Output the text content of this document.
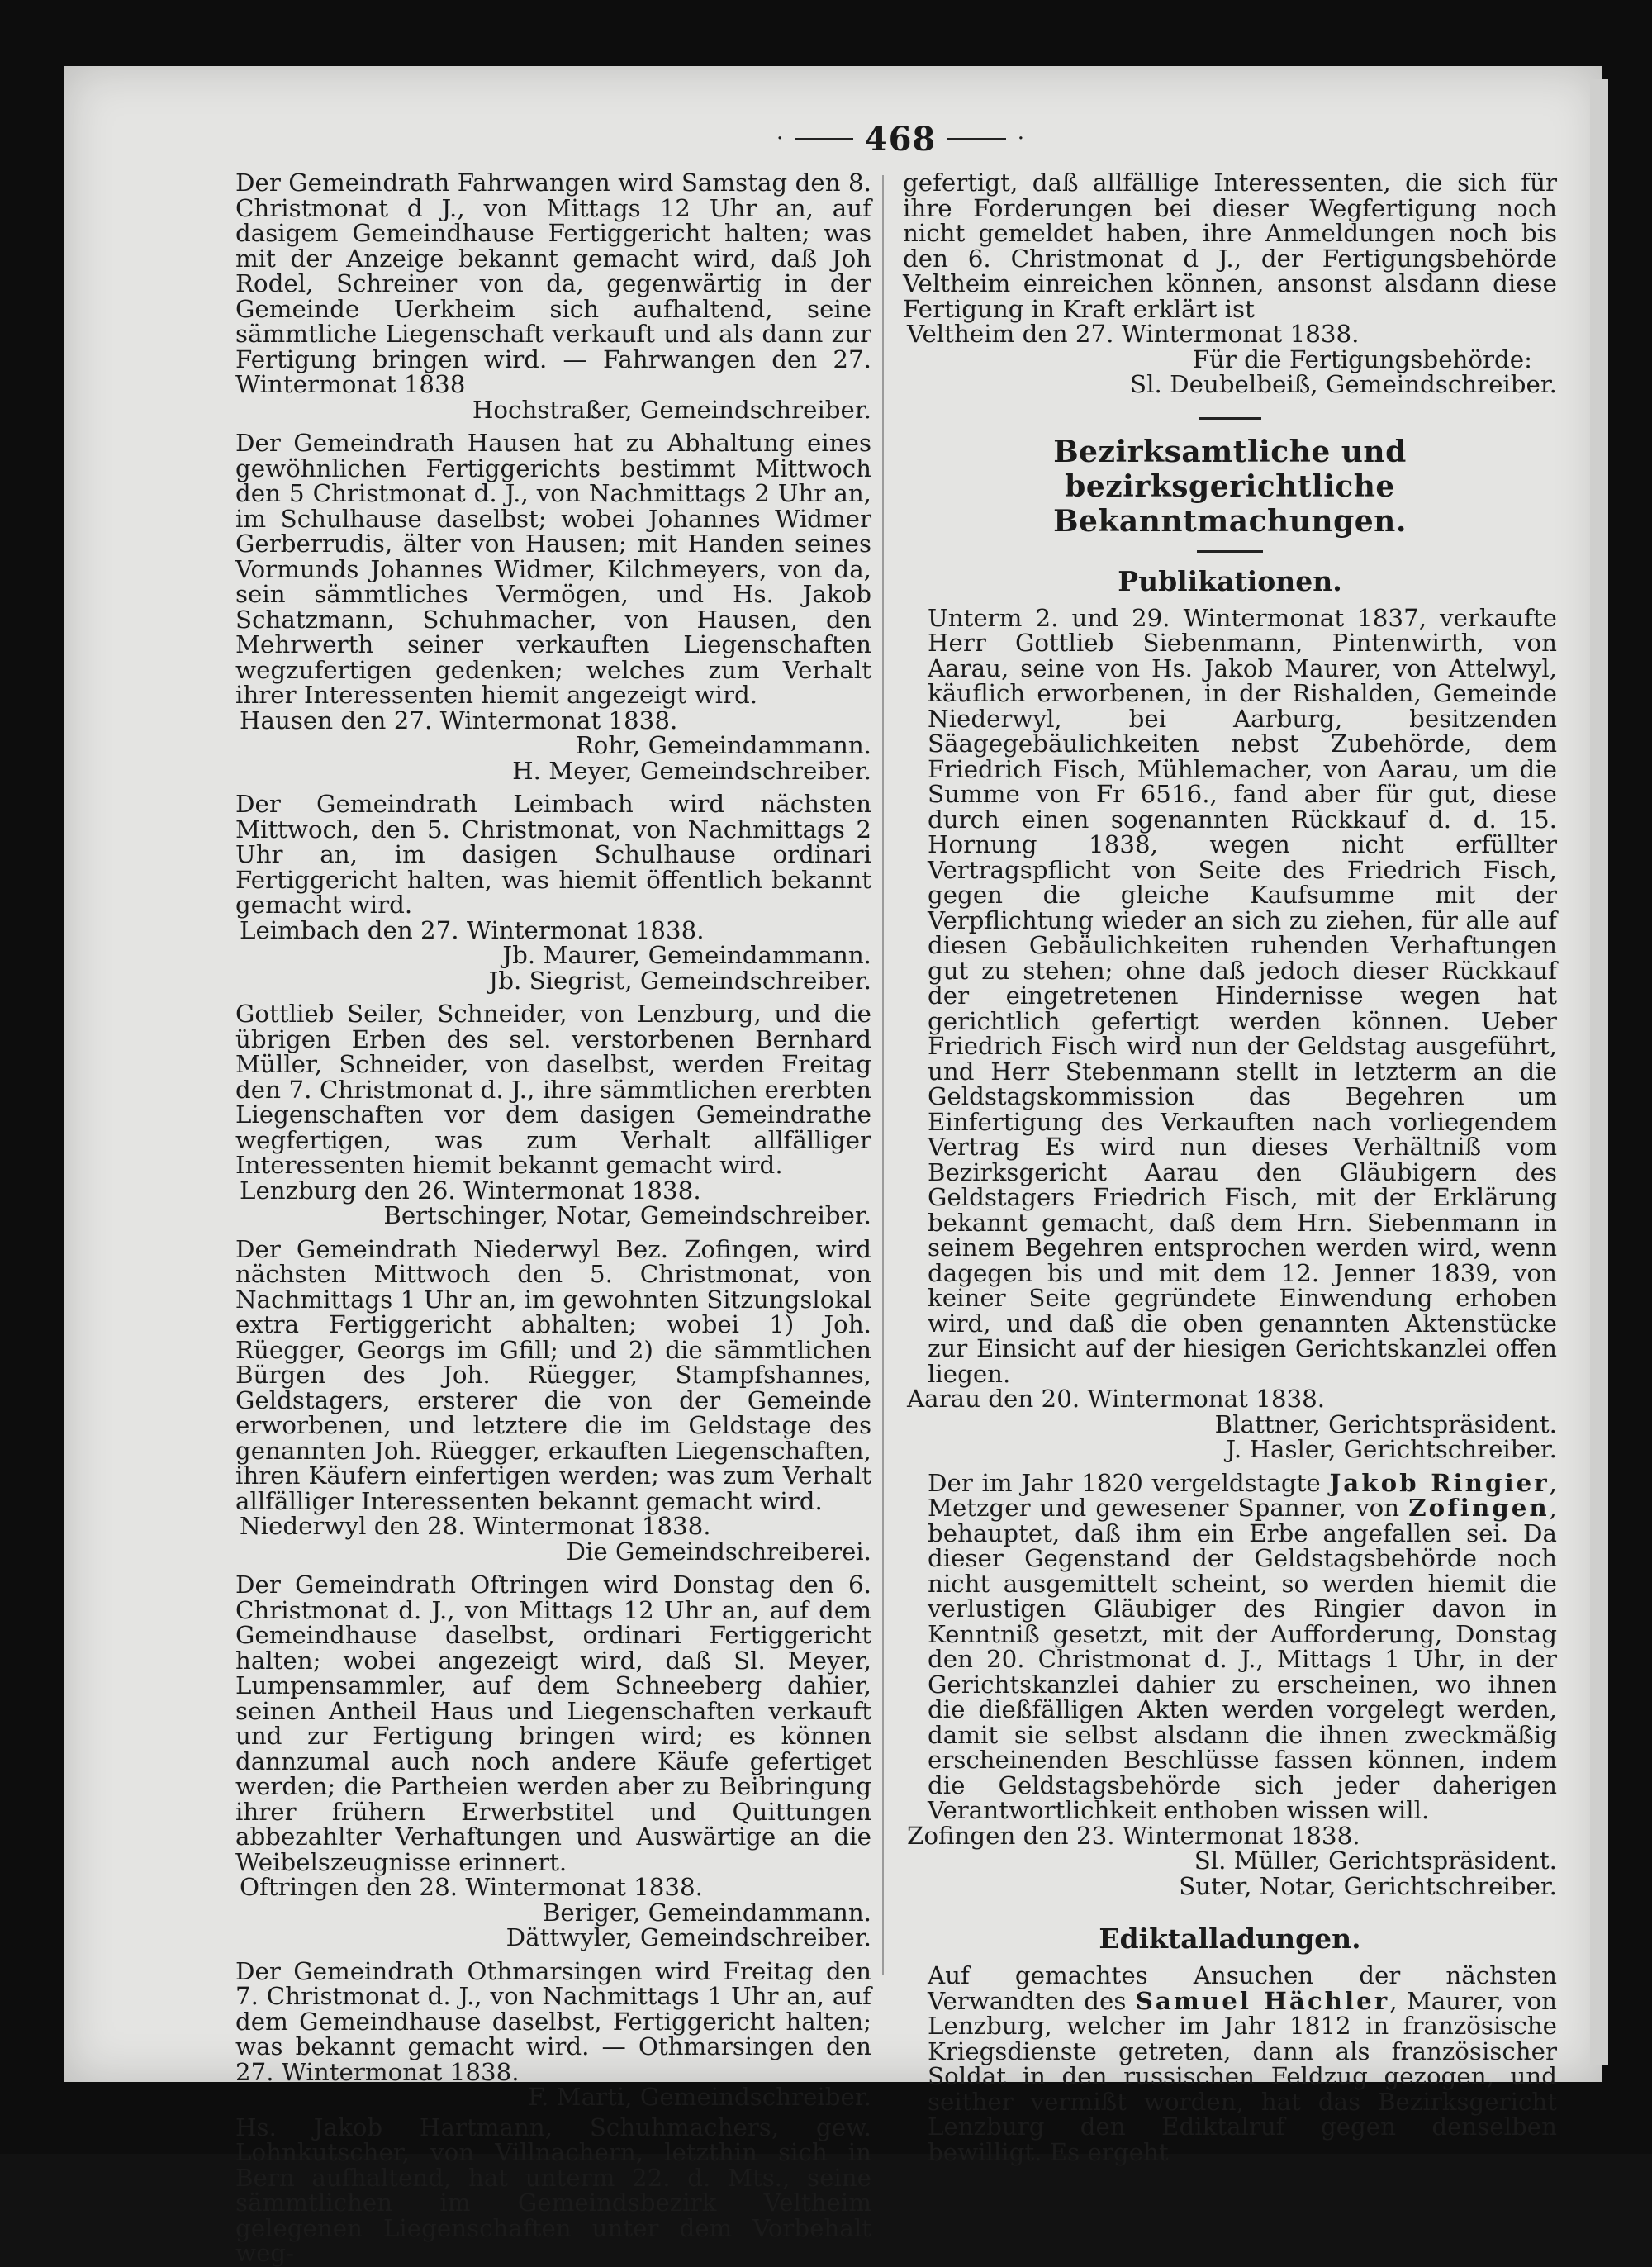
· 468	·

Der Gemeindrath Fahrwangen wird Samstag den 8. Christmonat d J., von Mittags 12 Uhr an, auf dasigem Gemeindhause Fertiggericht halten; was mit der Anzeige bekannt gemacht wird, daß Joh Rodel, Schreiner von da, gegenwärtig in der Gemeinde Uerkheim sich aufhaltend, seine sämmtliche Liegenschaft verkauft und als dann zur Fertigung bringen wird. — Fahrwangen den 27. Wintermonat 1838

Hochstraßer, Gemeindschreiber.

Der Gemeindrath Hausen hat zu Abhaltung eines gewöhnlichen Fertiggerichts bestimmt Mittwoch den 5 Christmonat d. J., von Nachmittags 2 Uhr an, im Schulhause daselbst; wobei Johannes Widmer Gerberrudis, älter von Hausen; mit Handen seines Vormunds Johannes Widmer, Kilchmeyers, von da, sein sämmtliches Vermögen, und Hs. Jakob Schatzmann, Schuhmacher, von Hausen, den Mehrwerth seiner verkauften Liegenschaften wegzufertigen gedenken; welches zum Verhalt ihrer Interessenten hiemit angezeigt wird.

Hausen den 27. Wintermonat 1838.

Rohr, Gemeindammann.

H. Meyer, Gemeindschreiber.

Der Gemeindrath Leimbach wird nächsten Mittwoch, den 5. Christmonat, von Nachmittags 2 Uhr an, im dasigen Schulhause ordinari Fertiggericht halten, was hiemit öffentlich bekannt gemacht wird.

Leimbach den 27. Wintermonat 1838.

Jb. Maurer, Gemeindammann.

Jb. Siegrist, Gemeindschreiber.

Gottlieb Seiler, Schneider, von Lenzburg, und die übrigen Erben des sel. verstorbenen Bernhard Müller, Schneider, von daselbst, werden Freitag den 7. Christmonat d. J., ihre sämmtlichen ererbten Liegenschaften vor dem dasigen Gemeindrathe wegfertigen, was zum Verhalt allfälliger Interessenten hiemit bekannt gemacht wird.

Lenzburg den 26. Wintermonat 1838.

Bertschinger, Notar, Gemeindschreiber.

Der Gemeindrath Niederwyl Bez. Zofingen, wird nächsten Mittwoch den 5. Christmonat, von Nachmittags 1 Uhr an, im gewohnten Sitzungslokal extra Fertiggericht abhalten; wobei 1) Joh. Rüegger, Georgs im Gfill; und 2) die sämmtlichen Bürgen des Joh. Rüegger, Stampfshannes, Geldstagers, ersterer die von der Gemeinde erworbenen, und letztere die im Geldstage des genannten Joh. Rüegger, erkauften Liegenschaften, ihren Käufern einfertigen werden; was zum Verhalt allfälliger Interessenten bekannt gemacht wird.

Niederwyl den 28. Wintermonat 1838.

Die Gemeindschreiberei.

Der Gemeindrath Oftringen wird Donstag den 6. Christmonat d. J., von Mittags 12 Uhr an, auf dem Gemeindhause daselbst, ordinari Fertiggericht halten; wobei angezeigt wird, daß Sl. Meyer, Lumpensammler, auf dem Schneeberg dahier, seinen Antheil Haus und Liegenschaften verkauft und zur Fertigung bringen wird; es können dannzumal auch noch andere Käufe gefertiget werden; die Partheien werden aber zu Beibringung ihrer frühern Erwerbstitel und Quittungen abbezahlter Verhaftungen und Auswärtige an die Weibelszeugnisse erinnert.

Oftringen den 28. Wintermonat 1838.

Beriger, Gemeindammann.

Dättwyler, Gemeindschreiber.

Der Gemeindrath Othmarsingen wird Freitag den 7. Christmonat d. J., von Nachmittags 1 Uhr an, auf dem Gemeindhause daselbst, Fertiggericht halten; was bekannt gemacht wird. — Othmarsingen den 27. Wintermonat 1838.

F. Marti, Gemeindschreiber.

Hs. Jakob Hartmann, Schuhmachers, gew. Lohnkutscher, von Villnachern, letzthin sich in Bern aufhaltend, hat unterm 22. d. Mts., seine sämmtlichen im Gemeindsbezirk Veltheim gelegenen Liegenschaften unter dem Vorbehalt weg-

gefertigt, daß allfällige Interessenten, die sich für ihre Forderungen bei dieser Wegfertigung noch nicht gemeldet haben, ihre Anmeldungen noch bis den 6. Christmonat d J., der Fertigungsbehörde Veltheim einreichen können, ansonst alsdann diese Fertigung in Kraft erklärt ist

Veltheim den 27. Wintermonat 1838.

Für die Fertigungsbehörde:

Sl. Deubelbeiß, Gemeindschreiber.

Bezirksamtliche und bezirksgerichtliche Bekanntmachungen.
Publikationen.

Unterm 2. und 29. Wintermonat 1837, verkaufte Herr Gottlieb Siebenmann, Pintenwirth, von Aarau, seine von Hs. Jakob Maurer, von Attelwyl, käuflich erworbenen, in der Rishalden, Gemeinde Niederwyl, bei Aarburg, besitzenden Säagegebäulichkeiten nebst Zubehörde, dem Friedrich Fisch, Mühlemacher, von Aarau, um die Summe von Fr 6516., fand aber für gut, diese durch einen sogenannten Rückkauf d. d. 15. Hornung 1838, wegen nicht erfüllter Vertragspflicht von Seite des Friedrich Fisch, gegen die gleiche Kaufsumme mit der Verpflichtung wieder an sich zu ziehen, für alle auf diesen Gebäulichkeiten ruhenden Verhaftungen gut zu stehen; ohne daß jedoch dieser Rückkauf der eingetretenen Hindernisse wegen hat gerichtlich gefertigt werden können. Ueber Friedrich Fisch wird nun der Geldstag ausgeführt, und Herr Stebenmann stellt in letzterm an die Geldstagskommission das Begehren um Einfertigung des Verkauften nach vorliegendem Vertrag Es wird nun dieses Verhältniß vom Bezirksgericht Aarau den Gläubigern des Geldstagers Friedrich Fisch, mit der Erklärung bekannt gemacht, daß dem Hrn. Siebenmann in seinem Begehren entsprochen werden wird, wenn dagegen bis und mit dem 12. Jenner 1839, von keiner Seite gegründete Einwendung erhoben wird, und daß die oben genannten Aktenstücke zur Einsicht auf der hiesigen Gerichtskanzlei offen liegen.

Aarau den 20. Wintermonat 1838.

Blattner, Gerichtspräsident.

J. Hasler, Gerichtschreiber.

Der im Jahr 1820 vergeldstagte Jakob Ringier, Metzger und gewesener Spanner, von Zofingen, behauptet, daß ihm ein Erbe angefallen sei. Da dieser Gegenstand der Geldstagsbehörde noch nicht ausgemittelt scheint, so werden hiemit die verlustigen Gläubiger des Ringier davon in Kenntniß gesetzt, mit der Aufforderung, Donstag den 20. Christmonat d. J., Mittags 1 Uhr, in der Gerichtskanzlei dahier zu erscheinen, wo ihnen die dießfälligen Akten werden vorgelegt werden, damit sie selbst alsdann die ihnen zweckmäßig erscheinenden Beschlüsse fassen können, indem die Geldstagsbehörde sich jeder daherigen Verantwortlichkeit enthoben wissen will.

Zofingen den 23. Wintermonat 1838.

Sl. Müller, Gerichtspräsident.

Suter, Notar, Gerichtschreiber.

Ediktalladungen.

Auf gemachtes Ansuchen der nächsten Verwandten des Samuel Hächler, Maurer, von Lenzburg, welcher im Jahr 1812 in französische Kriegsdienste getreten, dann als französischer Soldat in den russischen Feldzug gezogen, und seither vermißt worden, hat das Bezirksgericht Lenzburg den Ediktalruf gegen denselben bewilligt. Es ergeht
